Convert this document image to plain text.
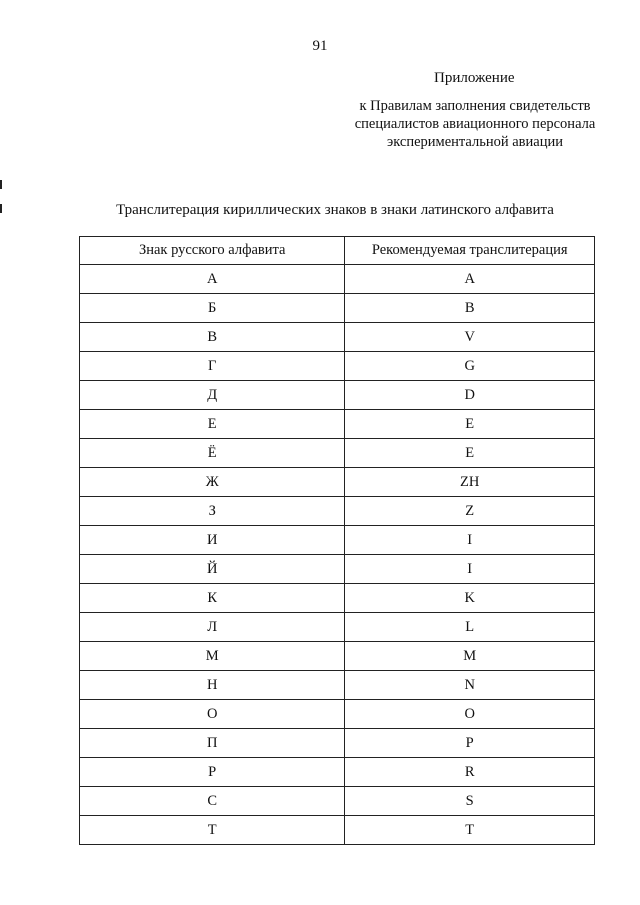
91
Приложение
к Правилам заполнения свидетельств
специалистов авиационного персонала
экспериментальной авиации
Транслитерация кириллических знаков в знаки латинского алфавита
Знак русского алфавита	Рекомендуемая транслитерация
А	A
Б	B
В	V
Г	G
Д	D
Е	E
Ё	E
Ж	ZH
З	Z
И	I
Й	I
К	K
Л	L
М	M
Н	N
О	O
П	P
Р	R
С	S
Т	T
